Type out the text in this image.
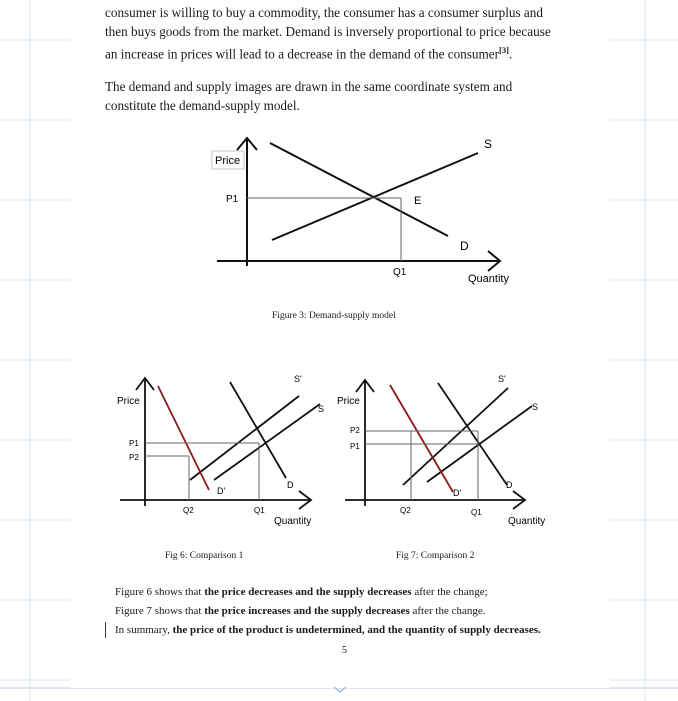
consumer is willing to buy a commodity, the consumer has a consumer surplus and
then buys goods from the market. Demand is inversely proportional to price because
an increase in prices will lead to a decrease in the demand of the consumer[3].

The demand and supply images are drawn in the same coordinate system and
constitute the demand-supply model.

Price
P1
Q1
Quantity
S
D
E
Figure 3: Demand-supply model
Price
P1
P2
Q2	Q1
Quantity
S'
S
D
D'
Price
P2
P1
Q1
Q2
Quantity
S'
S
D
D'
Fig 6: Comparison 1	Fig 7: Comparison 2
Figure 6 shows that the price decreases and the supply decreases after the change;
Figure 7 shows that the price increases and the supply decreases after the change.
In summary, the price of the product is undetermined, and the quantity of supply decreases.
5
